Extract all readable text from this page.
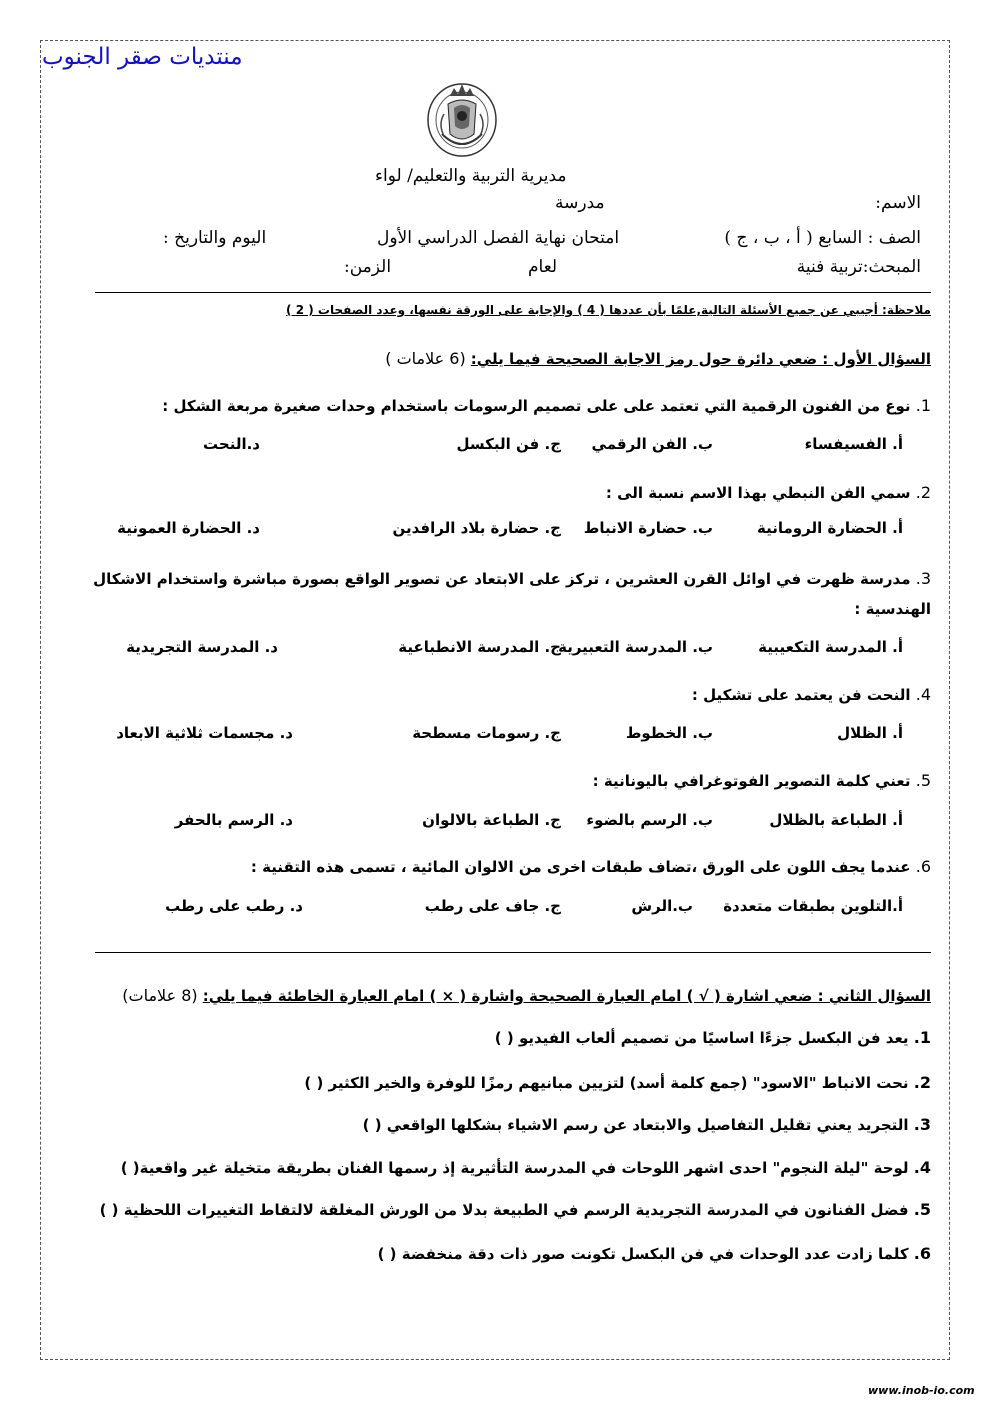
منتديات صقر الجنوب
مديرية التربية والتعليم/ لواء
الاسم:
مدرسة
الصف : السابع ( أ ، ب ، ج )
امتحان نهاية الفصل الدراسي الأول
اليوم والتاريخ :
المبحث:تربية فنية
لعام
الزمن:
ملاحظة: أجيبي عن جميع الأسئلة التالية,علمًا بأن عددها ( 4 ) والإجابة على الورقة نفسها، وعدد الصفحات ( 2 )
السؤال الأول : ضعي دائرة حول رمز الاجابة الصحيحة فيما يلي: (6 علامات )
1. نوع من الفنون الرقمية التي تعتمد على على تصميم الرسومات باستخدام وحدات صغيرة مربعة الشكل :
أ. الفسيفساء
ب. الفن الرقمي
ج. فن البكسل
د.النحت
2. سمي الفن النبطي بهذا الاسم نسبة الى :
أ. الحضارة الرومانية
ب. حضارة الانباط
ج. حضارة بلاد الرافدين
د. الحضارة العمونية
3. مدرسة ظهرت في اوائل القرن العشرين ، تركز على الابتعاد عن تصوير الواقع بصورة مباشرة واستخدام الاشكال الهندسية :
أ. المدرسة التكعيبية
ب. المدرسة التعبيرية
ج. المدرسة الانطباعية
د. المدرسة التجريدية
4. النحت فن يعتمد على تشكيل :
أ. الظلال
ب. الخطوط
ج. رسومات مسطحة
د. مجسمات ثلاثية الابعاد
5. تعني كلمة التصوير الفوتوغرافي باليونانية :
أ. الطباعة بالظلال
ب. الرسم بالضوء
ج. الطباعة بالالوان
د. الرسم بالحفر
6. عندما يجف اللون على الورق ،تضاف طبقات اخرى من الالوان المائية ، تسمى هذه التقنية :
أ.التلوين بطبقات متعددة
ب.الرش
ج. جاف على رطب
د. رطب على رطب
السؤال الثاني : ضعي اشارة ( √ ) امام العبارة الصحيحة واشارة ( × ) امام العبارة الخاطئة فيما يلي: (8 علامات)
1. يعد فن البكسل جزءًا اساسيًا من تصميم ألعاب الفيديو ( )
2. نحت الانباط "الاسود" (جمع كلمة أسد) لتزيين مبانيهم رمزًا للوفرة والخير الكثير ( )
3. التجريد يعني تقليل التفاصيل والابتعاد عن رسم الاشياء بشكلها الواقعي ( )
4. لوحة "ليلة النجوم" احدى اشهر اللوحات في المدرسة التأثيرية إذ رسمها الفنان بطريقة متخيلة غير واقعية( )
5. فضل الفنانون في المدرسة التجريدية الرسم في الطبيعة بدلا من الورش المغلقة لالتقاط التغييرات اللحظية ( )
6. كلما زادت عدد الوحدات في فن البكسل تكونت صور ذات دقة منخفضة ( )
www.inob-io.com
